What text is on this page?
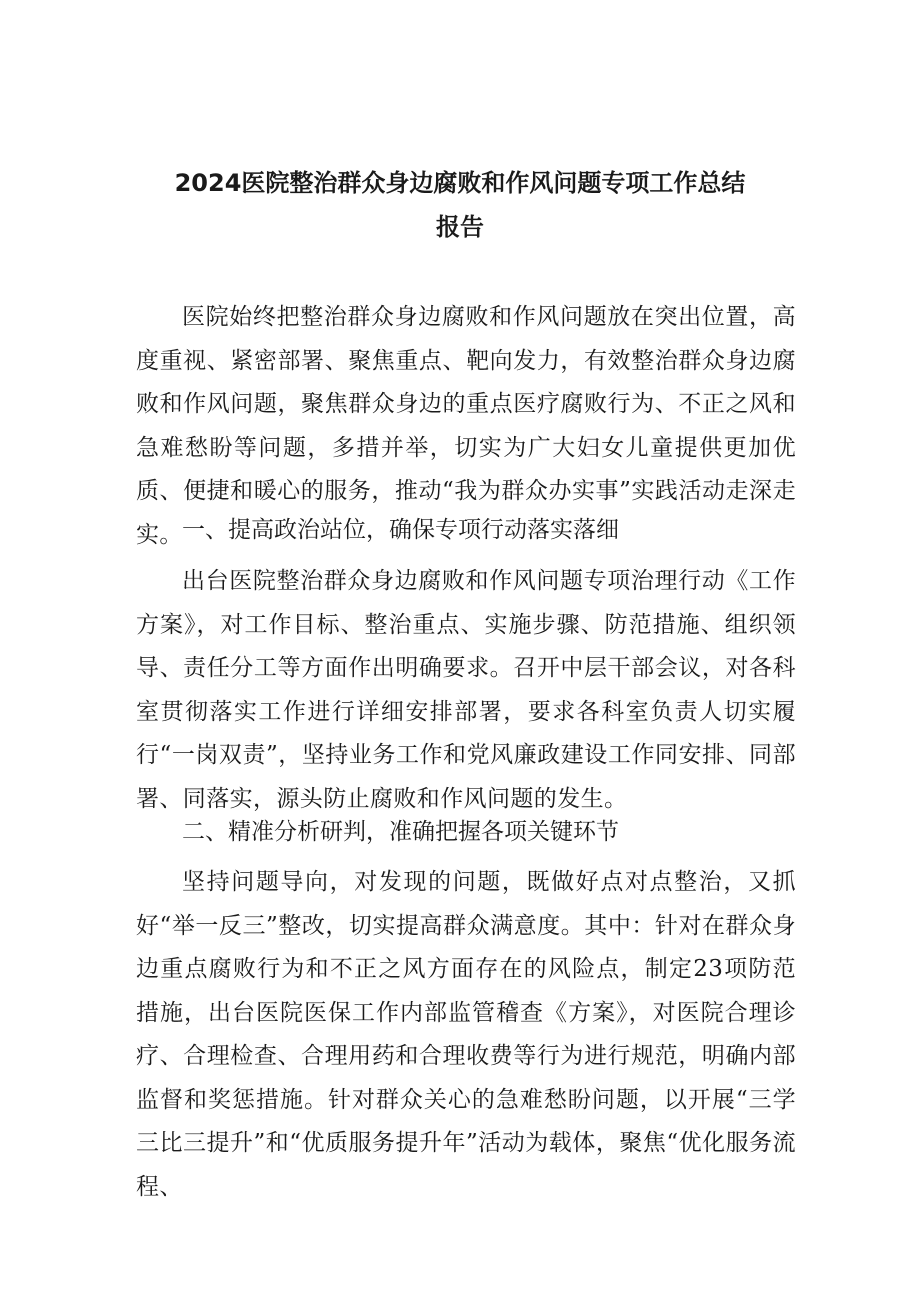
2024医院整治群众身边腐败和作风问题专项工作总结
报告

医院始终把整治群众身边腐败和作风问题放在突出位置，高度重视、紧密部署、聚焦重点、靶向发力，有效整治群众身边腐败和作风问题，聚焦群众身边的重点医疗腐败行为、不正之风和急难愁盼等问题，多措并举，切实为广大妇女儿童提供更加优质、便捷和暖心的服务，推动“我为群众办实事”实践活动走深走实。 一、提高政治站位，确保专项行动落实落细

出台医院整治群众身边腐败和作风问题专项治理行动《工作方案》，对工作目标、整治重点、实施步骤、防范措施、组织领导、责任分工等方面作出明确要求。召开中层干部会议，对各科室贯彻落实工作进行详细安排部署，要求各科室负责人切实履行“一岗双责”，坚持业务工作和党风廉政建设工作同安排、同部署、同落实，源头防止腐败和作风问题的发生。

二、精准分析研判，准确把握各项关键环节

坚持问题导向，对发现的问题，既做好点对点整治，又抓好“举一反三”整改，切实提高群众满意度。其中：针对在群众身边重点腐败行为和不正之风方面存在的风险点，制定23项防范措施，出台医院医保工作内部监管稽查《方案》，对医院合理诊疗、合理检查、合理用药和合理收费等行为进行规范，明确内部监督和奖惩措施。针对群众关心的急难愁盼问题，以开展“三学三比三提升”和“优质服务提升年”活动为载体，聚焦“优化服务流程、
